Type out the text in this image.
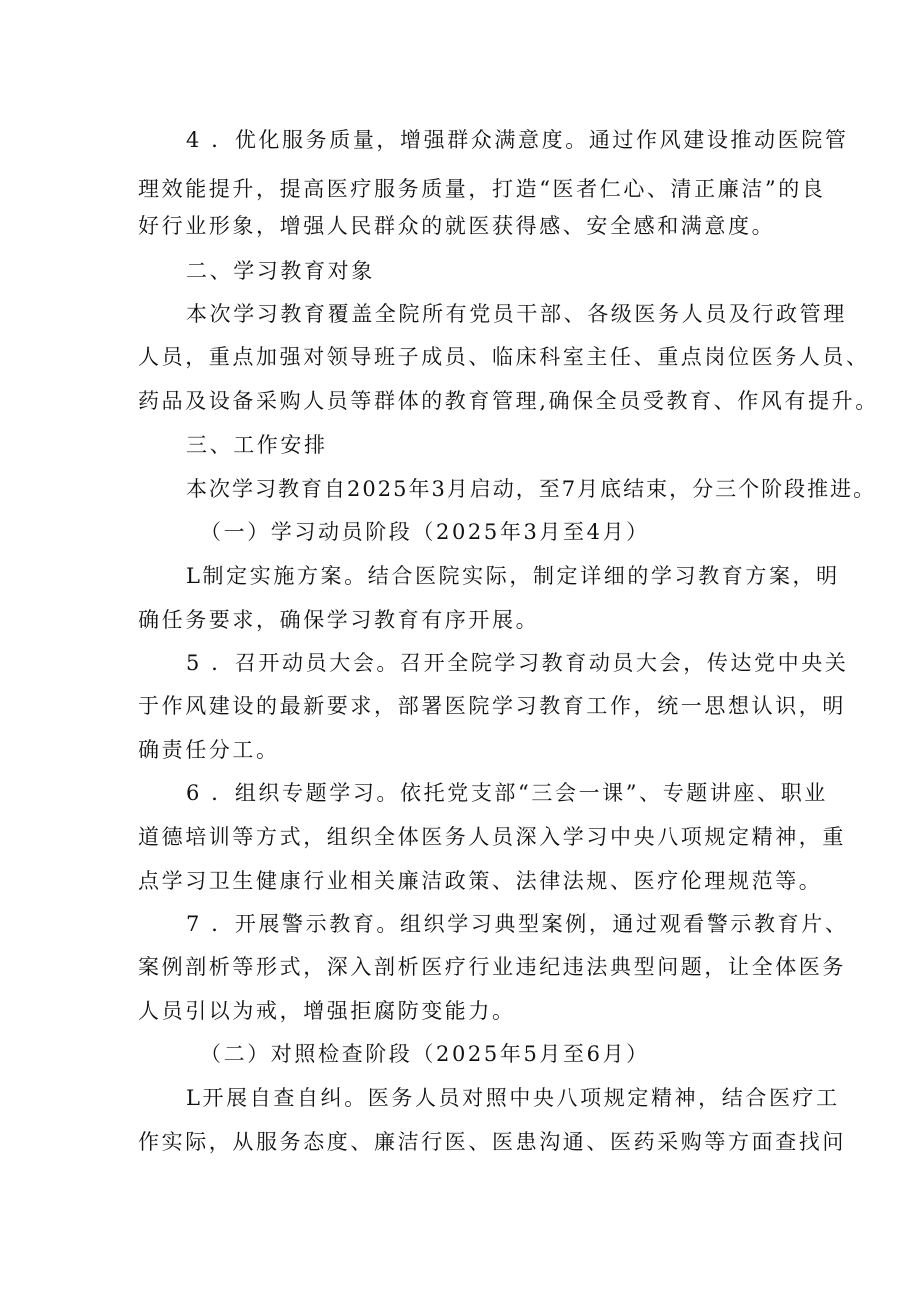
4 ．优化服务质量，增强群众满意度。通过作风建设推动医院管
理效能提升，提高医疗服务质量，打造“医者仁心、清正廉洁”的良
好行业形象，增强人民群众的就医获得感、安全感和满意度。
二、学习教育对象
本次学习教育覆盖全院所有党员干部、各级医务人员及行政管理
人员，重点加强对领导班子成员、临床科室主任、重点岗位医务人员、
药品及设备采购人员等群体的教育管理,确保全员受教育、作风有提升。
三、工作安排
本次学习教育自2025年3月启动，至7月底结束，分三个阶段推进。
（一）学习动员阶段（2025年3月至4月）
L制定实施方案。结合医院实际，制定详细的学习教育方案，明
确任务要求，确保学习教育有序开展。
5 ．召开动员大会。召开全院学习教育动员大会，传达党中央关
于作风建设的最新要求，部署医院学习教育工作，统一思想认识，明
确责任分工。
6 ．组织专题学习。依托党支部“三会一课”、专题讲座、职业
道德培训等方式，组织全体医务人员深入学习中央八项规定精神，重
点学习卫生健康行业相关廉洁政策、法律法规、医疗伦理规范等。
7 ．开展警示教育。组织学习典型案例，通过观看警示教育片、
案例剖析等形式，深入剖析医疗行业违纪违法典型问题，让全体医务
人员引以为戒，增强拒腐防变能力。
（二）对照检查阶段（2025年5月至6月）
L开展自查自纠。医务人员对照中央八项规定精神，结合医疗工
作实际，从服务态度、廉洁行医、医患沟通、医药采购等方面查找问
